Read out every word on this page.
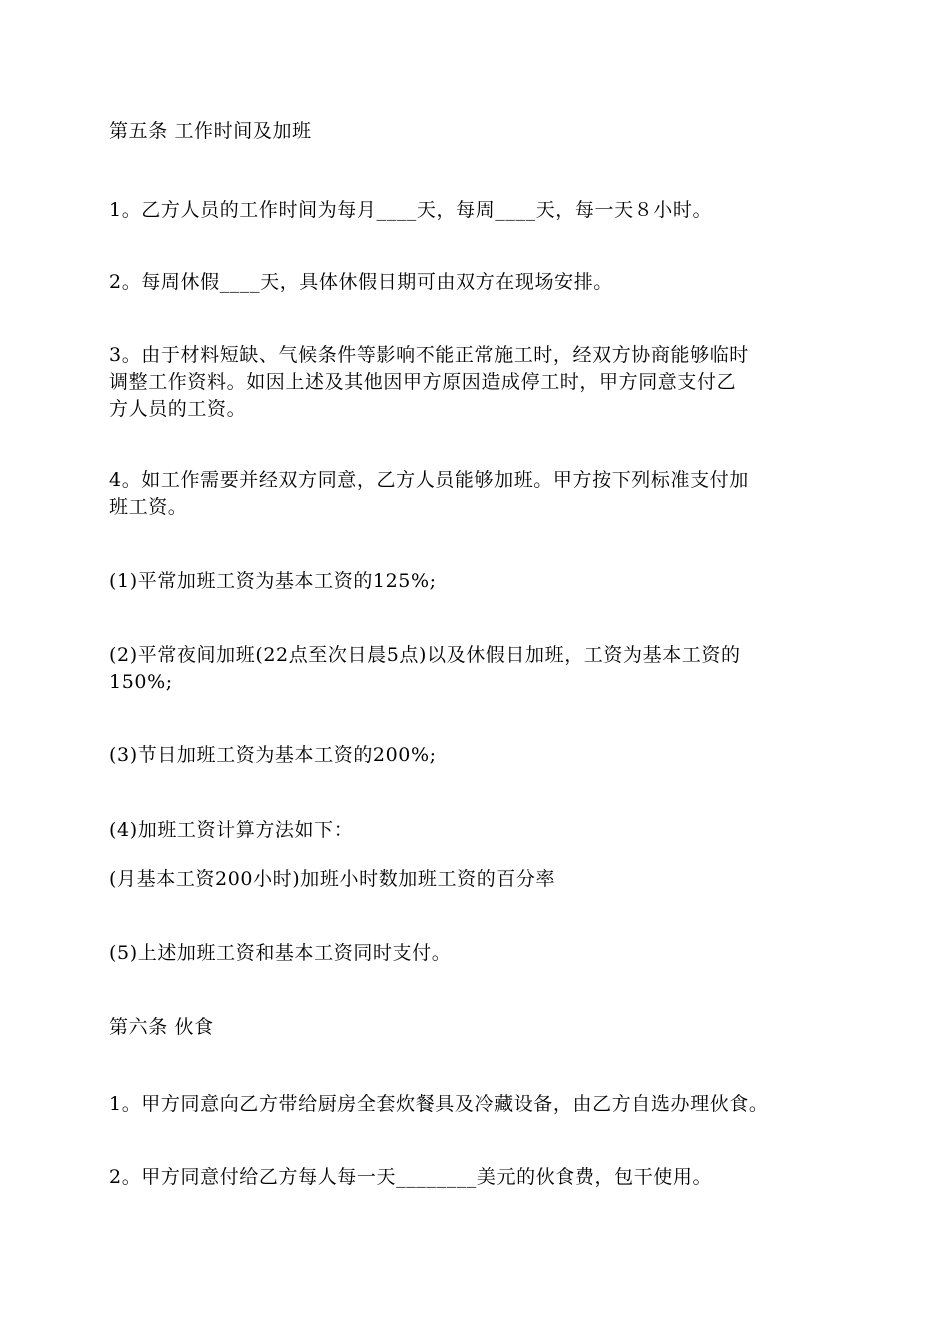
第五条 工作时间及加班
1。乙方人员的工作时间为每月____天，每周____天，每一天８小时。
2。每周休假____天，具体休假日期可由双方在现场安排。
3。由于材料短缺、气候条件等影响不能正常施工时，经双方协商能够临时
调整工作资料。如因上述及其他因甲方原因造成停工时，甲方同意支付乙
方人员的工资。
4。如工作需要并经双方同意，乙方人员能够加班。甲方按下列标准支付加
班工资。
(1)平常加班工资为基本工资的125%;
(2)平常夜间加班(22点至次日晨5点)以及休假日加班，工资为基本工资的
150%;
(3)节日加班工资为基本工资的200%;
(4)加班工资计算方法如下：
(月基本工资200小时)加班小时数加班工资的百分率
(5)上述加班工资和基本工资同时支付。
第六条 伙食
1。甲方同意向乙方带给厨房全套炊餐具及冷藏设备，由乙方自选办理伙食。
2。甲方同意付给乙方每人每一天________美元的伙食费，包干使用。
